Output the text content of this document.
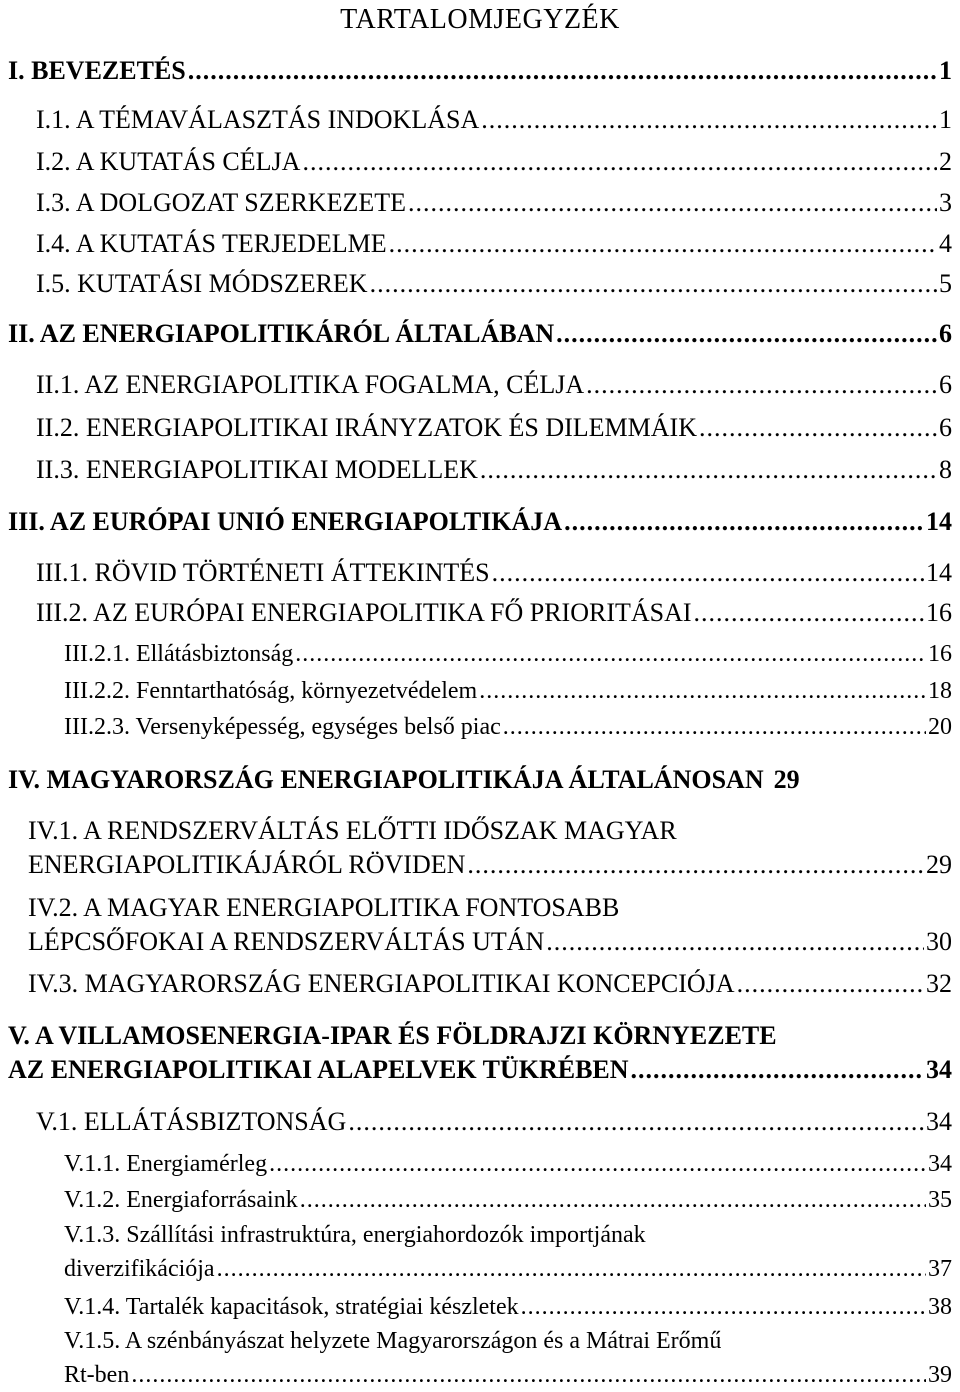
TARTALOMJEGYZÉK
I. BEVEZETÉS .....	1
I.1. A TÉMAVÁLASZTÁS INDOKLÁSA .....	1
I.2. A KUTATÁS CÉLJA .....	2
I.3. A DOLGOZAT SZERKEZETE .....	3
I.4. A KUTATÁS TERJEDELME .....	4
I.5. KUTATÁSI MÓDSZEREK .....	5
II. AZ ENERGIAPOLITIKÁRÓL ÁLTALÁBAN .....	6
II.1. AZ ENERGIAPOLITIKA FOGALMA, CÉLJA .....	6
II.2. ENERGIAPOLITIKAI IRÁNYZATOK ÉS DILEMMÁIK .....	6
II.3. ENERGIAPOLITIKAI MODELLEK .....	8
III. AZ EURÓPAI UNIÓ ENERGIAPOLTIKÁJA .....	14
III.1. RÖVID TÖRTÉNETI ÁTTEKINTÉS .....	14
III.2. AZ EURÓPAI ENERGIAPOLITIKA FŐ PRIORITÁSAI .....	16
III.2.1. Ellátásbiztonság .....	16
III.2.2. Fenntarthatóság, környezetvédelem .....	18
III.2.3. Versenyképesség, egységes belső piac .....	20
IV. MAGYARORSZÁG ENERGIAPOLITIKÁJA ÁLTALÁNOSAN 29
IV.1. A RENDSZERVÁLTÁS ELŐTTI IDŐSZAK MAGYAR
ENERGIAPOLITIKÁJÁRÓL RÖVIDEN .....	29
IV.2. A MAGYAR ENERGIAPOLITIKA FONTOSABB
LÉPCSŐFOKAI A RENDSZERVÁLTÁS UTÁN .....	30
IV.3. MAGYARORSZÁG ENERGIAPOLITIKAI KONCEPCIÓJA .....	32
V. A VILLAMOSENERGIA-IPAR ÉS FÖLDRAJZI KÖRNYEZETE
AZ ENERGIAPOLITIKAI ALAPELVEK TÜKRÉBEN .....	34
V.1. ELLÁTÁSBIZTONSÁG .....	34
V.1.1. Energiamérleg .....	34
V.1.2. Energiaforrásaink .....	35
V.1.3. Szállítási infrastruktúra, energiahordozók importjának
diverzifikációja .....	37
V.1.4. Tartalék kapacitások, stratégiai készletek .....	38
V.1.5. A szénbányászat helyzete Magyarországon és a Mátrai Erőmű
Rt-ben .....	39
